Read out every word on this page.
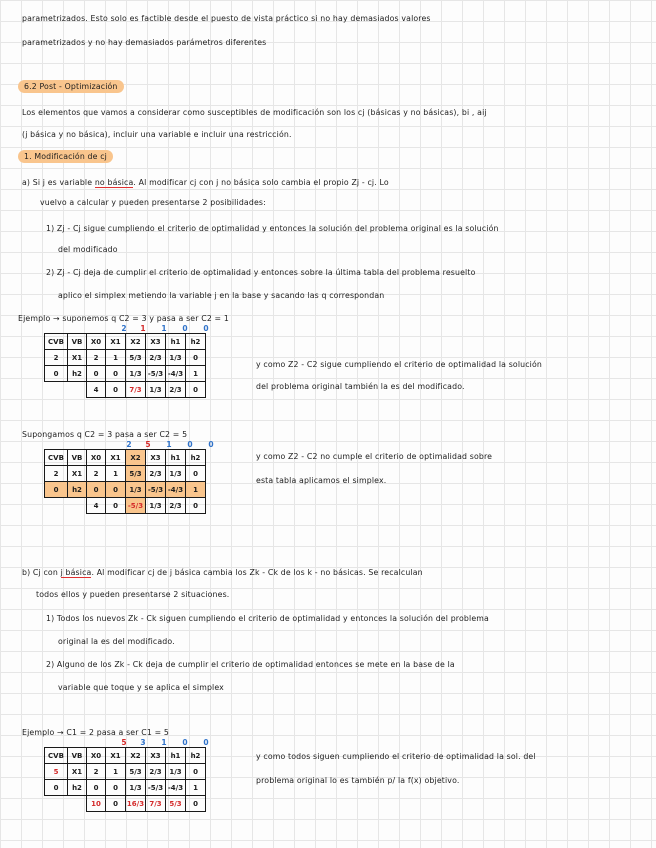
parametrizados. Esto solo es factible desde el puesto de vista práctico si no hay demasiados valores
parametrizados y no hay demasiados parámetros diferentes
6.2 Post - Optimización
Los elementos que vamos a considerar como susceptibles de modificación son los cj (básicas y no básicas), bi , aij
(j básica y no básica), incluir una variable e incluir una restricción.
1. Modificación de cj
a) Si j es variable no básica. Al modificar cj con j no básica solo cambia el propio Zj - cj. Lo
vuelvo a calcular y pueden presentarse 2 posibilidades:
1) Zj - Cj sigue cumpliendo el criterio de optimalidad y entonces la solución del problema original es la solución
del modificado
2) Zj - Cj deja de cumplir el criterio de optimalidad y entonces sobre la última tabla del problema resuelto
aplico el simplex metiendo la variable j en la base y sacando las q correspondan
Ejemplo → suponemos q C2 = 3 y pasa a ser C2 = 1
2	1	1	0	0
CVB	VB	X0	X1	X2	X3	h1	h2
2	X1	2	1	5/3	2/3	1/3	0
0	h2	0	0	1/3	-5/3	-4/3	1
		4	0	7/3	1/3	2/3	0
y como Z2 - C2 sigue cumpliendo el criterio de optimalidad la solución
del problema original también la es del modificado.
Supongamos q C2 = 3 pasa a ser C2 = 5
2	5	1	0	0
CVB	VB	X0	X1	X2	X3	h1	h2
2	X1	2	1	5/3	2/3	1/3	0
0	h2	0	0	1/3	-5/3	-4/3	1
		4	0	-5/3	1/3	2/3	0
y como Z2 - C2 no cumple el criterio de optimalidad sobre
esta tabla aplicamos el simplex.
b) Cj con j básica. Al modificar cj de j básica cambia los Zk - Ck de los k - no básicas. Se recalculan
todos ellos y pueden presentarse 2 situaciones.
1) Todos los nuevos Zk - Ck siguen cumpliendo el criterio de optimalidad y entonces la solución del problema
original la es del modificado.
2) Alguno de los Zk - Ck deja de cumplir el criterio de optimalidad entonces se mete en la base de la
variable que toque y se aplica el simplex
Ejemplo → C1 = 2 pasa a ser C1 = 5
5	3	1	0	0
CVB	VB	X0	X1	X2	X3	h1	h2
5	X1	2	1	5/3	2/3	1/3	0
0	h2	0	0	1/3	-5/3	-4/3	1
		10	0	16/3	7/3	5/3	0
y como todos siguen cumpliendo el criterio de optimalidad la sol. del
problema original lo es también p/ la f(x) objetivo.
